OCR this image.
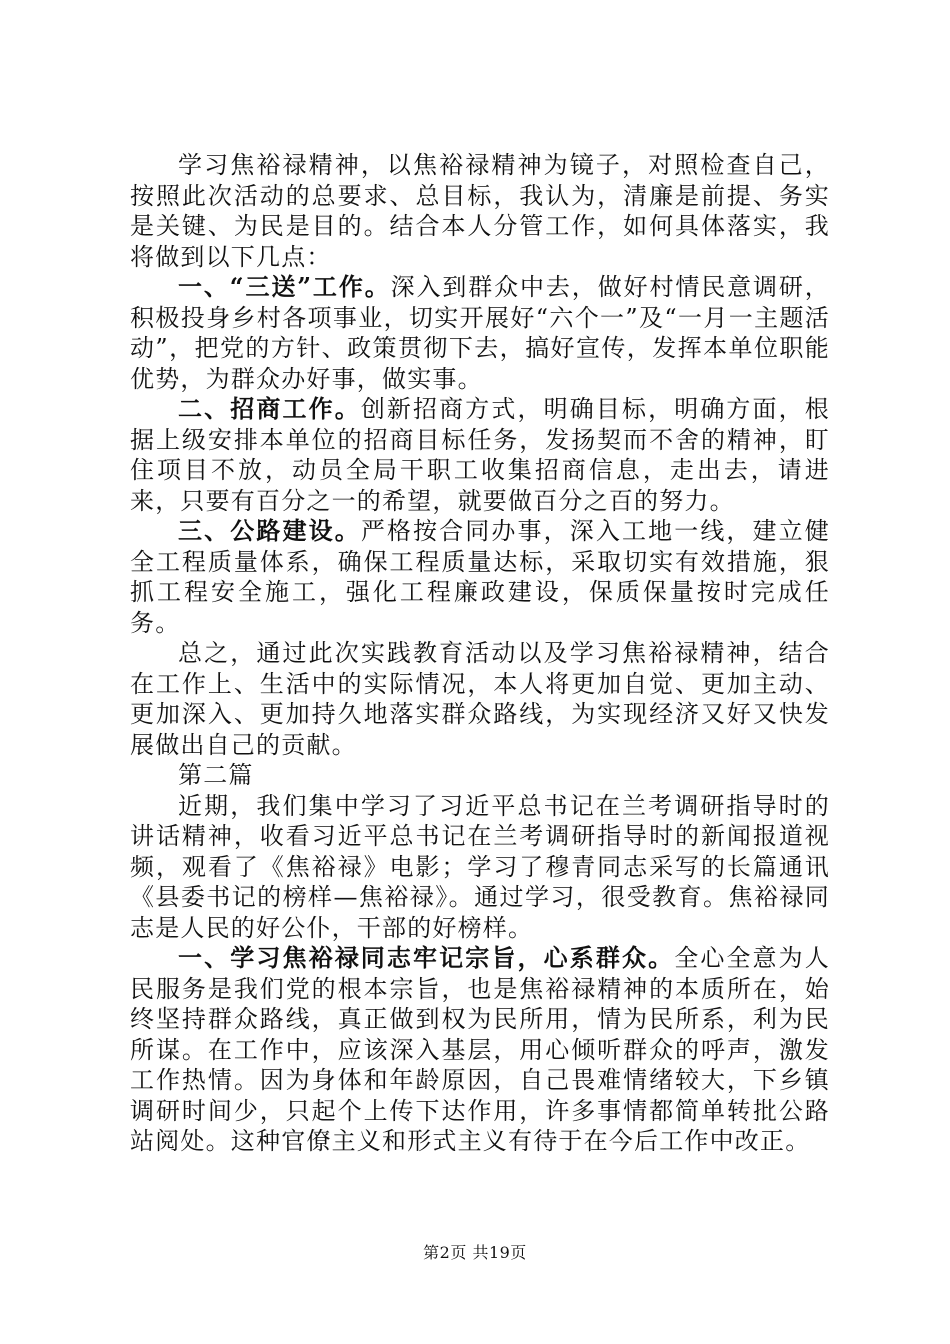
学习焦裕禄精神，以焦裕禄精神为镜子，对照检查自己，按照此次活动的总要求、总目标，我认为，清廉是前提、务实是关键、为民是目的。结合本人分管工作，如何具体落实，我将做到以下几点：

一、“三送”工作。深入到群众中去，做好村情民意调研，积极投身乡村各项事业，切实开展好“六个一”及“一月一主题活动”，把党的方针、政策贯彻下去，搞好宣传，发挥本单位职能优势，为群众办好事，做实事。

二、招商工作。创新招商方式，明确目标，明确方面，根据上级安排本单位的招商目标任务，发扬契而不舍的精神，盯住项目不放，动员全局干职工收集招商信息，走出去，请进来，只要有百分之一的希望，就要做百分之百的努力。

三、公路建设。严格按合同办事，深入工地一线，建立健全工程质量体系，确保工程质量达标，采取切实有效措施，狠抓工程安全施工，强化工程廉政建设，保质保量按时完成任务。

总之，通过此次实践教育活动以及学习焦裕禄精神，结合在工作上、生活中的实际情况，本人将更加自觉、更加主动、更加深入、更加持久地落实群众路线，为实现经济又好又快发展做出自己的贡献。

第二篇

近期，我们集中学习了习近平总书记在兰考调研指导时的讲话精神，收看习近平总书记在兰考调研指导时的新闻报道视频，观看了《焦裕禄》电影；学习了穆青同志采写的长篇通讯《县委书记的榜样—焦裕禄》。通过学习，很受教育。焦裕禄同志是人民的好公仆，干部的好榜样。

一、学习焦裕禄同志牢记宗旨，心系群众。全心全意为人民服务是我们党的根本宗旨，也是焦裕禄精神的本质所在，始终坚持群众路线，真正做到权为民所用，情为民所系，利为民所谋。在工作中，应该深入基层，用心倾听群众的呼声，激发工作热情。因为身体和年龄原因，自己畏难情绪较大，下乡镇调研时间少，只起个上传下达作用，许多事情都简单转批公路站阅处。这种官僚主义和形式主义有待于在今后工作中改正。

第2页 共19页
